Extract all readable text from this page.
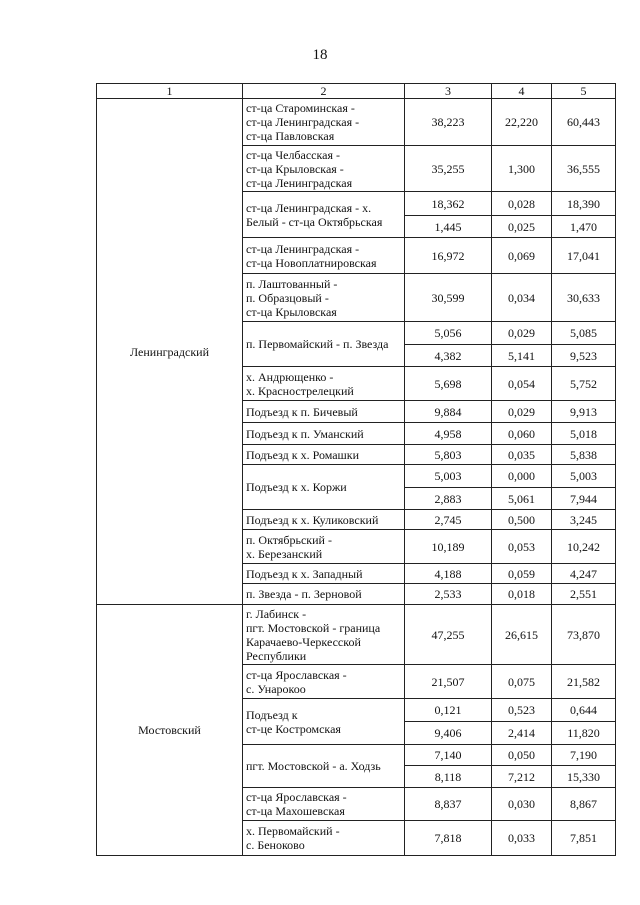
18
1	2	3	4	5
Ленинградский	ст-ца Староминская -
ст-ца Ленинградская -
ст-ца Павловская	38,223	22,220	60,443

	ст-ца Челбасская -
ст-ца Крыловская -
ст-ца Ленинградская	35,255	1,300	36,555

	ст-ца Ленинградская - х.
Белый - ст-ца Октябрьская	18,362	0,028	18,390
		1,445	0,025	1,470

	ст-ца Ленинградская -
ст-ца Новоплатнировская	16,972	0,069	17,041

	п. Лаштованный -
п. Образцовый -
ст-ца Крыловская	30,599	0,034	30,633

	п. Первомайский - п. Звезда	5,056	0,029	5,085
		4,382	5,141	9,523

	х. Андрющенко -
х. Краснострелецкий	5,698	0,054	5,752

	Подъезд к п. Бичевый	9,884	0,029	9,913

	Подъезд к п. Уманский	4,958	0,060	5,018

	Подъезд к х. Ромашки	5,803	0,035	5,838

	Подъезд к х. Коржи	5,003	0,000	5,003
		2,883	5,061	7,944

	Подъезд к х. Куликовский	2,745	0,500	3,245

	п. Октябрьский -
х. Березанский	10,189	0,053	10,242

	Подъезд к х. Западный	4,188	0,059	4,247

	п. Звезда - п. Зерновой	2,533	0,018	2,551
Мостовский	г. Лабинск -
пгт. Мостовской - граница
Карачаево-Черкесской
Республики	47,255	26,615	73,870

	ст-ца Ярославская -
с. Унарокоо	21,507	0,075	21,582

	Подъезд к
ст-це Костромская	0,121	0,523	0,644
		9,406	2,414	11,820

	пгт. Мостовской - а. Ходзь	7,140	0,050	7,190
		8,118	7,212	15,330

	ст-ца Ярославская -
ст-ца Махошевская	8,837	0,030	8,867

	х. Первомайский -
с. Беноково	7,818	0,033	7,851
